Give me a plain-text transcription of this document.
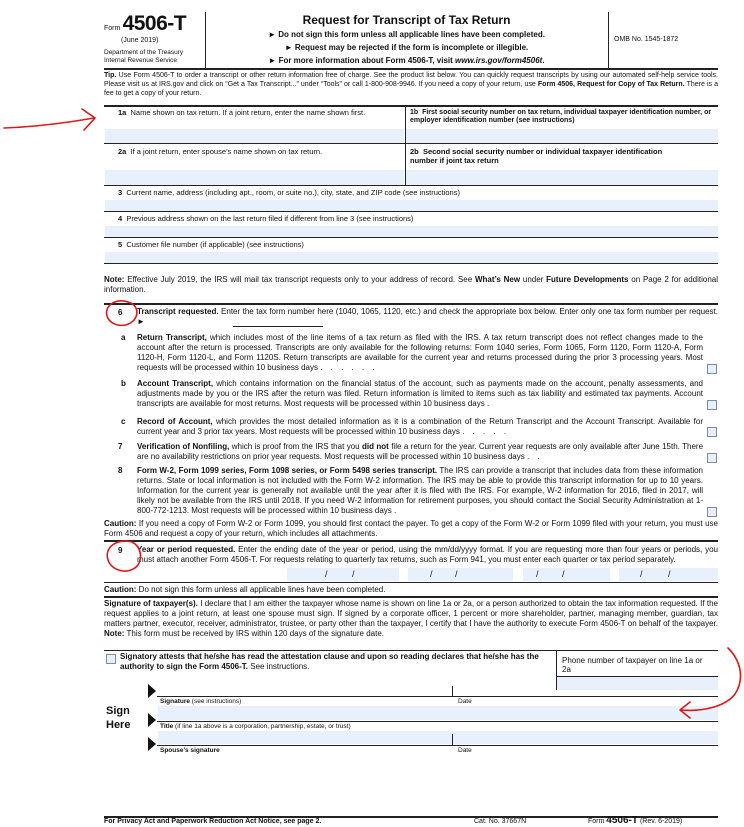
Form 4506-T
(June 2019)
Department of the Treasury
Internal Revenue Service
Request for Transcript of Tax Return
► Do not sign this form unless all applicable lines have been completed.
► Request may be rejected if the form is incomplete or illegible.
► For more information about Form 4506-T, visit www.irs.gov/form4506t.
OMB No. 1545-1872
Tip. Use Form 4506-T to order a transcript or other return information free of charge. See the product list below. You can quickly request transcripts by using our automated self-help service tools. Please visit us at IRS.gov and click on “Get a Tax Transcript...” under “Tools” or call 1-800-908-9946. If you need a copy of your return, use Form 4506, Request for Copy of Tax Return. There is a fee to get a copy of your return.
1a Name shown on tax return. If a joint return, enter the name shown first.	1b First social security number on tax return, individual taxpayer identification number, or employer identification number (see instructions)
2a If a joint return, enter spouse’s name shown on tax return.	2b Second social security number or individual taxpayer identification number if joint tax return
3 Current name, address (including apt., room, or suite no.), city, state, and ZIP code (see instructions)
4 Previous address shown on the last return filed if different from line 3 (see instructions)
5 Customer file number (if applicable) (see instructions)
Note: Effective July 2019, the IRS will mail tax transcript requests only to your address of record. See What’s New under Future Developments on Page 2 for additional information.
6 Transcript requested. Enter the tax form number here (1040, 1065, 1120, etc.) and check the appropriate box below. Enter only one tax form number per request. ►
a Return Transcript, which includes most of the line items of a tax return as filed with the IRS. A tax return transcript does not reflect changes made to the account after the return is processed. Transcripts are only available for the following returns: Form 1040 series, Form 1065, Form 1120, Form 1120-A, Form 1120-H, Form 1120-L, and Form 1120S. Return transcripts are available for the current year and returns processed during the prior 3 processing years. Most requests will be processed within 10 business days . . . . . .
b Account Transcript, which contains information on the financial status of the account, such as payments made on the account, penalty assessments, and adjustments made by you or the IRS after the return was filed. Return information is limited to items such as tax liability and estimated tax payments. Account transcripts are available for most returns. Most requests will be processed within 10 business days .
c Record of Account, which provides the most detailed information as it is a combination of the Return Transcript and the Account Transcript. Available for current year and 3 prior tax years. Most requests will be processed within 10 business days . . . . .
7 Verification of Nonfiling, which is proof from the IRS that you did not file a return for the year. Current year requests are only available after June 15th. There are no availability restrictions on prior year requests. Most requests will be processed within 10 business days . .
8 Form W-2, Form 1099 series, Form 1098 series, or Form 5498 series transcript. The IRS can provide a transcript that includes data from these information returns. State or local information is not included with the Form W-2 information. The IRS may be able to provide this transcript information for up to 10 years. Information for the current year is generally not available until the year after it is filed with the IRS. For example, W-2 information for 2016, filed in 2017, will likely not be available from the IRS until 2018. If you need W-2 information for retirement purposes, you should contact the Social Security Administration at 1-800-772-1213. Most requests will be processed within 10 business days .
Caution: If you need a copy of Form W-2 or Form 1099, you should first contact the payer. To get a copy of the Form W-2 or Form 1099 filed with your return, you must use Form 4506 and request a copy of your return, which includes all attachments.
9 Year or period requested. Enter the ending date of the year or period, using the mm/dd/yyyy format. If you are requesting more than four years or periods, you must attach another Form 4506-T. For requests relating to quarterly tax returns, such as Form 941, you must enter each quarter or tax period separately.
/	/	/ /	/	/	/	/
Caution: Do not sign this form unless all applicable lines have been completed.
Signature of taxpayer(s). I declare that I am either the taxpayer whose name is shown on line 1a or 2a, or a person authorized to obtain the tax information requested. If the request applies to a joint return, at least one spouse must sign. If signed by a corporate officer, 1 percent or more shareholder, partner, managing member, guardian, tax matters partner, executor, receiver, administrator, trustee, or party other than the taxpayer, I certify that I have the authority to execute Form 4506-T on behalf of the taxpayer. Note: This form must be received by IRS within 120 days of the signature date.
Signatory attests that he/she has read the attestation clause and upon so reading declares that he/she has the authority to sign the Form 4506-T. See instructions.
Phone number of taxpayer on line 1a or 2a
Sign
Here
Signature (see instructions)	Date
Title (if line 1a above is a corporation, partnership, estate, or trust)
Spouse’s signature	Date
For Privacy Act and Paperwork Reduction Act Notice, see page 2.	Cat. No. 37667N	Form 4506-T (Rev. 6-2019)
